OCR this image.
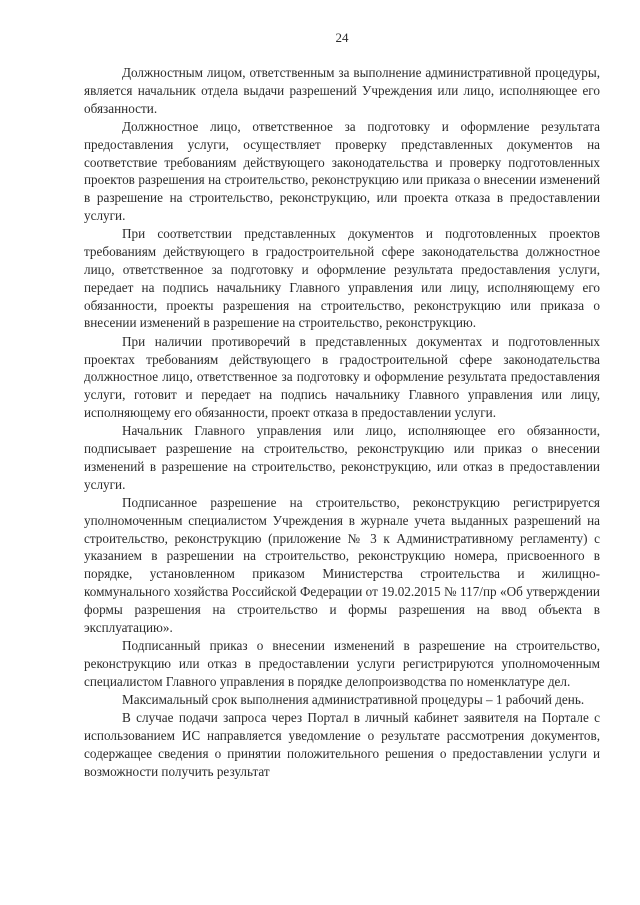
24

Должностным лицом, ответственным за выполнение административной процедуры, является начальник отдела выдачи разрешений Учреждения или лицо, исполняющее его обязанности.

Должностное лицо, ответственное за подготовку и оформление результата предоставления услуги, осуществляет проверку представленных документов на соответствие требованиям действующего законодательства и проверку подготовленных проектов разрешения на строительство, реконструкцию или приказа о внесении изменений в разрешение на строительство, реконструкцию, или проекта отказа в предоставлении услуги.

При соответствии представленных документов и подготовленных проектов требованиям действующего в градостроительной сфере законодательства должностное лицо, ответственное за подготовку и оформление результата предоставления услуги, передает на подпись начальнику Главного управления или лицу, исполняющему его обязанности, проекты разрешения на строительство, реконструкцию или приказа о внесении изменений в разрешение на строительство, реконструкцию.

При наличии противоречий в представленных документах и подготовленных проектах требованиям действующего в градостроительной сфере законодательства должностное лицо, ответственное за подготовку и оформление результата предоставления услуги, готовит и передает на подпись начальнику Главного управления или лицу, исполняющему его обязанности, проект отказа в предоставлении услуги.

Начальник Главного управления или лицо, исполняющее его обязанности, подписывает разрешение на строительство, реконструкцию или приказ о внесении изменений в разрешение на строительство, реконструкцию, или отказ в предоставлении услуги.

Подписанное разрешение на строительство, реконструкцию регистрируется уполномоченным специалистом Учреждения в журнале учета выданных разрешений на строительство, реконструкцию (приложение № 3 к Административному регламенту) с указанием в разрешении на строительство, реконструкцию номера, присвоенного в порядке, установленном приказом Министерства строительства и жилищно-коммунального хозяйства Российской Федерации от 19.02.2015 № 117/пр «Об утверждении формы разрешения на строительство и формы разрешения на ввод объекта в эксплуатацию».

Подписанный приказ о внесении изменений в разрешение на строительство, реконструкцию или отказ в предоставлении услуги регистрируются уполномоченным специалистом Главного управления в порядке делопроизводства по номенклатуре дел.

Максимальный срок выполнения административной процедуры – 1 рабочий день.

В случае подачи запроса через Портал в личный кабинет заявителя на Портале с использованием ИС направляется уведомление о результате рассмотрения документов, содержащее сведения о принятии положительного решения о предоставлении услуги и возможности получить результат
